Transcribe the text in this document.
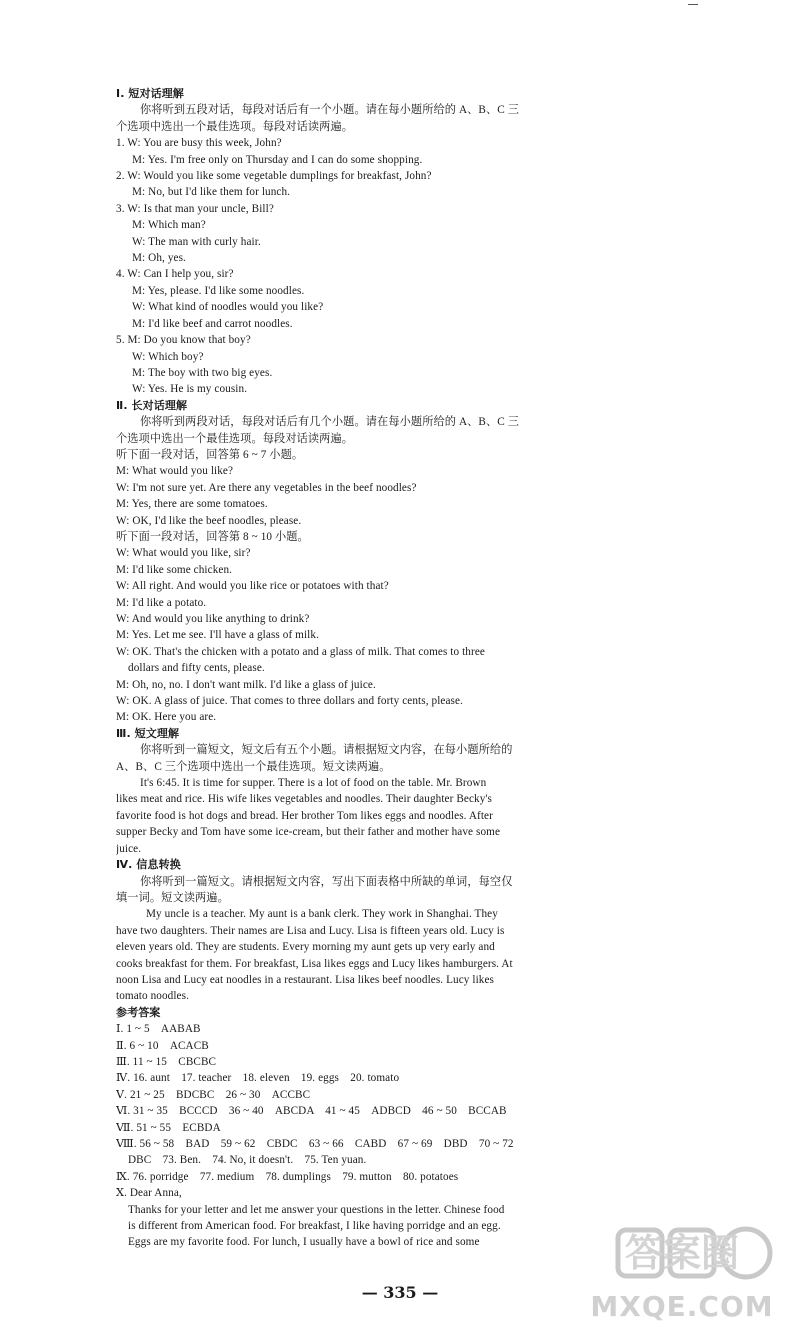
Ⅰ. 短对话理解
你将听到五段对话，每段对话后有一个小题。请在每小题所给的 A、B、C 三
个选项中选出一个最佳选项。每段对话读两遍。
1. W: You are busy this week, John?
M: Yes. I'm free only on Thursday and I can do some shopping.
2. W: Would you like some vegetable dumplings for breakfast, John?
M: No, but I'd like them for lunch.
3. W: Is that man your uncle, Bill?
M: Which man?
W: The man with curly hair.
M: Oh, yes.
4. W: Can I help you, sir?
M: Yes, please. I'd like some noodles.
W: What kind of noodles would you like?
M: I'd like beef and carrot noodles.
5. M: Do you know that boy?
W: Which boy?
M: The boy with two big eyes.
W: Yes. He is my cousin.
Ⅱ. 长对话理解
你将听到两段对话，每段对话后有几个小题。请在每小题所给的 A、B、C 三
个选项中选出一个最佳选项。每段对话读两遍。
听下面一段对话，回答第 6 ~ 7 小题。
M: What would you like?
W: I'm not sure yet. Are there any vegetables in the beef noodles?
M: Yes, there are some tomatoes.
W: OK, I'd like the beef noodles, please.
听下面一段对话，回答第 8 ~ 10 小题。
W: What would you like, sir?
M: I'd like some chicken.
W: All right. And would you like rice or potatoes with that?
M: I'd like a potato.
W: And would you like anything to drink?
M: Yes. Let me see. I'll have a glass of milk.
W: OK. That's the chicken with a potato and a glass of milk. That comes to three
dollars and fifty cents, please.
M: Oh, no, no. I don't want milk. I'd like a glass of juice.
W: OK. A glass of juice. That comes to three dollars and forty cents, please.
M: OK. Here you are.
Ⅲ. 短文理解
你将听到一篇短文，短文后有五个小题。请根据短文内容，在每小题所给的
A、B、C 三个选项中选出一个最佳选项。短文读两遍。
It's 6:45. It is time for supper. There is a lot of food on the table. Mr. Brown
likes meat and rice. His wife likes vegetables and noodles. Their daughter Becky's
favorite food is hot dogs and bread. Her brother Tom likes eggs and noodles. After
supper Becky and Tom have some ice-cream, but their father and mother have some
juice.
Ⅳ. 信息转换
你将听到一篇短文。请根据短文内容，写出下面表格中所缺的单词，每空仅
填一词。短文读两遍。
My uncle is a teacher. My aunt is a bank clerk. They work in Shanghai. They
have two daughters. Their names are Lisa and Lucy. Lisa is fifteen years old. Lucy is
eleven years old. They are students. Every morning my aunt gets up very early and
cooks breakfast for them. For breakfast, Lisa likes eggs and Lucy likes hamburgers. At
noon Lisa and Lucy eat noodles in a restaurant. Lisa likes beef noodles. Lucy likes
tomato noodles.
参考答案
Ⅰ. 1 ~ 5　AABAB
Ⅱ. 6 ~ 10　ACACB
Ⅲ. 11 ~ 15　CBCBC
Ⅳ. 16. aunt　17. teacher　18. eleven　19. eggs　20. tomato
Ⅴ. 21 ~ 25　BDCBC　26 ~ 30　ACCBC
Ⅵ. 31 ~ 35　BCCCD　36 ~ 40　ABCDA　41 ~ 45　ADBCD　46 ~ 50　BCCAB
Ⅶ. 51 ~ 55　ECBDA
Ⅷ. 56 ~ 58　BAD　59 ~ 62　CBDC　63 ~ 66　CABD　67 ~ 69　DBD　70 ~ 72
DBC　73. Ben.　74. No, it doesn't.　75. Ten yuan.
Ⅸ. 76. porridge　77. medium　78. dumplings　79. mutton　80. potatoes
Ⅹ. Dear Anna,
Thanks for your letter and let me answer your questions in the letter. Chinese food
is different from American food. For breakfast, I like having porridge and an egg.
Eggs are my favorite food. For lunch, I usually have a bowl of rice and some
— 335 —
答案圈
MXQE.COM
